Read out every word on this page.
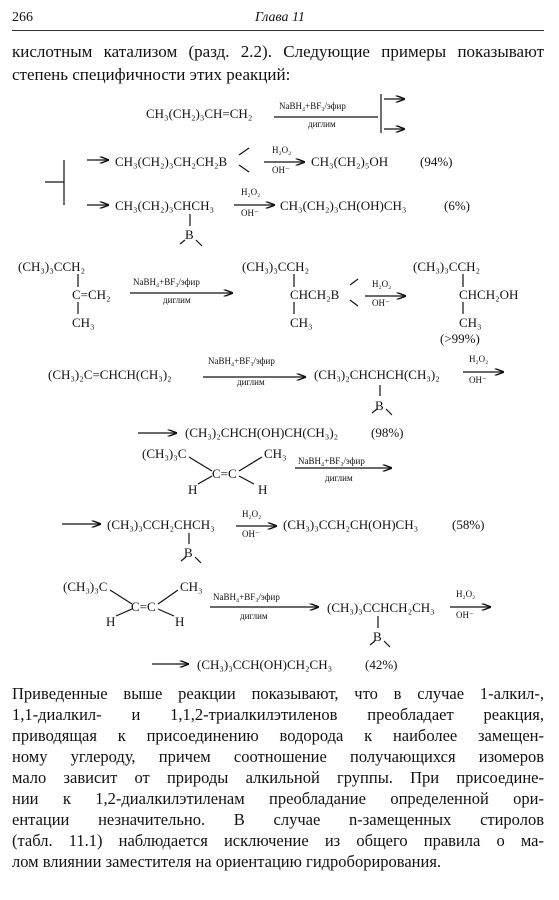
266	Глава 11
кислотным катализом (разд. 2.2). Следующие примеры показывают степень специфичности этих реакций:
CH₃(CH₂)₃CH=CH₂	NaBH₄+BF₃/эфир
диглим
CH₃(CH₂)₃CH₂CH₂B
H₂O₂
OH⁻
CH₃(CH₂)₅OH (94%)
CH₃(CH₂)₃CHCH₃
B
H₂O₂
OH⁻ CH₃(CH₂)₃CH(OH)CH₃	(6%)
(CH₃)₃CCH₂
C=CH₂
CH₃
NaBH₄+BF₃/эфир
диглим
(CH₃)₃CCH₂
CHCH₂B
CH₃
H₂O₂
OH⁻
(CH₃)₃CCH₂
CHCH₂OH
CH₃
(>99%)
(CH₃)₂C=CHCH(CH₃)₂
NaBH₄+BF₃/эфир
диглим	(CH₃)₂CHCHCH(CH₃)₂
B
H₂O₂
OH⁻
(CH₃)₂CHCH(OH)CH(CH₃)₂	(98%)
(CH₃)₃C	CH₃
C=C
H	H
NaBH₄+BF₃/эфир
диглим
(CH₃)₃CCH₂CHCH₃
B
H₂O₂
OH⁻
(CH₃)₃CCH₂CH(OH)CH₃	(58%)
(CH₃)₃C	CH₃
C=C
H	H
NaBH₄+BF₃/эфир
диглим
(CH₃)₃CCHCH₂CH₃
B
H₂O₂
OH⁻
(CH₃)₃CCH(OH)CH₂CH₃	(42%)
Приведенные выше реакции показывают, что в случае 1-алкил-,
1,1-диалкил- и 1,1,2-триалкилэтиленов преобладает реакция,
приводящая к присоединению водорода к наиболее замещен-
ному углероду, причем соотношение получающихся изомеров
мало зависит от природы алкильной группы. При присоедине-
нии к 1,2-диалкилэтиленам преобладание определенной ори-
ентации незначительно. В случае n-замещенных стиролов
(табл. 11.1) наблюдается исключение из общего правила о ма-
лом влиянии заместителя на ориентацию гидроборирования.
